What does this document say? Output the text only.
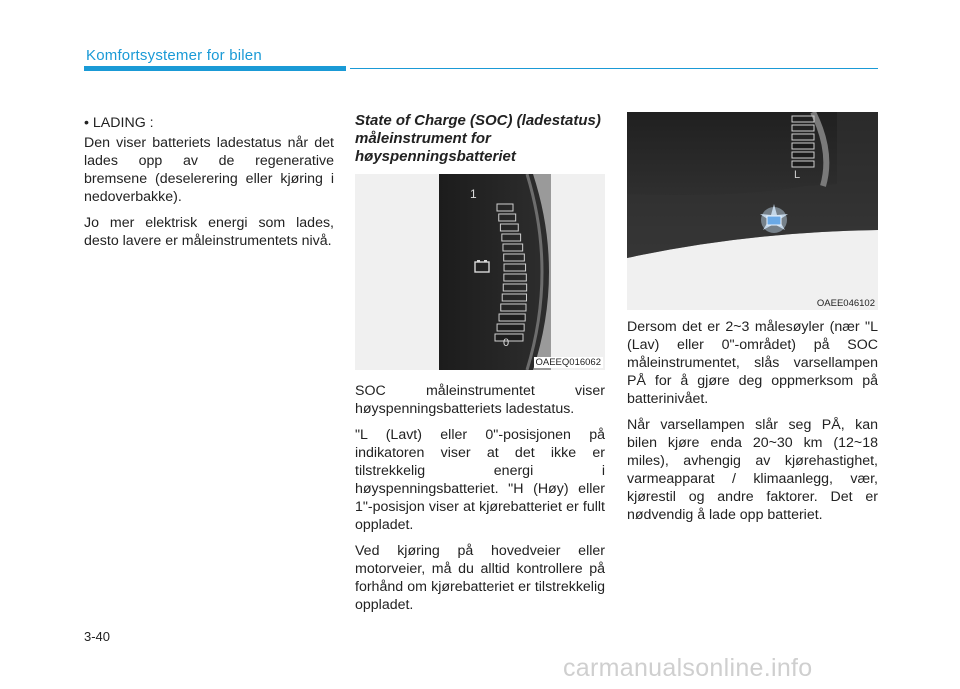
Komfortsystemer for bilen

• LADING :

Den viser batteriets ladestatus når det lades opp av de regenerative bremsene (deselerering eller kjøring i nedoverbakke).

Jo mer elektrisk energi som lades, desto lavere er måleinstrumentets nivå.

State of Charge (SOC) (ladestatus) måleinstrument for høyspenningsbatteriet
1
0
OAEEQ016062

SOC måleinstrumentet viser høyspenningsbatteriets ladestatus.

"L (Lavt) eller 0"-posisjonen på indikatoren viser at det ikke er tilstrekkelig energi i høyspenningsbatteriet. "H (Høy) eller 1"-posisjon viser at kjørebatteriet er fullt oppladet.

Ved kjøring på hovedveier eller motorveier, må du alltid kontrollere på forhånd om kjørebatteriet er tilstrekkelig oppladet.

L
OAEE046102

Dersom det er 2~3 målesøyler (nær "L (Lav) eller 0"-området) på SOC måleinstrumentet, slås varsellampen PÅ for å gjøre deg oppmerksom på batterinivået.

Når varsellampen slår seg PÅ, kan bilen kjøre enda 20~30 km (12~18 miles), avhengig av kjørehastighet, varmeapparat / klimaanlegg, vær, kjørestil og andre faktorer. Det er nødvendig å lade opp batteriet.

3-40
carmanualsonline.info
